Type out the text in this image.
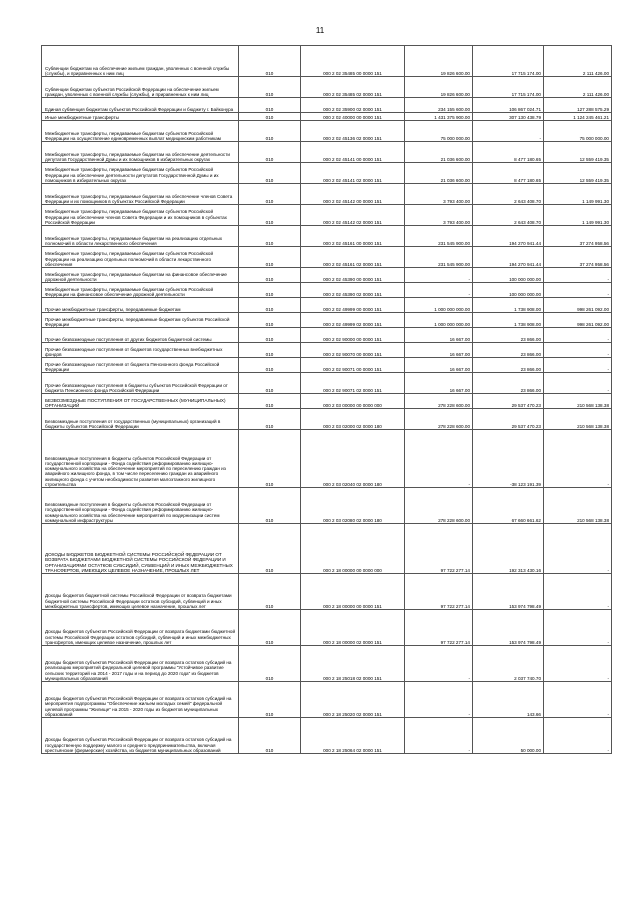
11
Субвенции бюджетам на обеспечение жильем граждан, уволенных с военной службы (службы), и приравненных к ним лиц	010	000 2 02 35485 00 0000 151	19 826 600.00	17 715 174.00	2 111 426.00
Субвенции бюджетам субъектов Российской Федерации на обеспечение жильем граждан, уволенных с военной службы (службы), и приравненных к ним лиц	010	000 2 02 35485 02 0000 151	19 826 600.00	17 715 174.00	2 111 426.00
Единая субвенция бюджетам субъектов Российской Федерации и бюджету г. Байконура	010	000 2 02 35900 02 0000 151	234 155 600.00	106 867 024.71	127 288 575.29
Иные межбюджетные трансферты	010	000 2 02 40000 00 0000 151	1 431 375 900.00	307 130 438.79	1 124 245 461.21
Межбюджетные трансферты, передаваемые бюджетам субъектов Российской Федерации на осуществление единовременных выплат медицинским работникам	010	000 2 02 45136 02 0000 151	75 000 000.00	-	75 000 000.00
Межбюджетные трансферты, передаваемые бюджетам на обеспечение деятельности депутатов Государственной Думы и их помощников в избирательных округах	010	000 2 02 45141 00 0000 151	21 036 600.00	8 477 180.65	12 559 419.35
Межбюджетные трансферты, передаваемые бюджетам субъектов Российской Федерации на обеспечение деятельности депутатов Государственной Думы и их помощников в избирательных округах	010	000 2 02 45141 02 0000 151	21 036 600.00	8 477 180.65	12 559 419.35
Межбюджетные трансферты, передаваемые бюджетам на обеспечение членов Совета Федерации и их помощников в субъектах Российской Федерации	010	000 2 02 45142 00 0000 151	3 793 400.00	2 643 408.70	1 149 991.30
Межбюджетные трансферты, передаваемые бюджетам субъектов Российской Федерации на обеспечение членов Совета Федерации и их помощников в субъектах Российской Федерации	010	000 2 02 45142 02 0000 151	3 793 400.00	2 643 408.70	1 149 991.30
Межбюджетные трансферты, передаваемые бюджетам на реализацию отдельных полномочий в области лекарственного обеспечения	010	000 2 02 45161 00 0000 151	231 545 900.00	194 270 941.44	37 274 958.56
Межбюджетные трансферты, передаваемые бюджетам субъектов Российской Федерации на реализацию отдельных полномочий в области лекарственного обеспечения	010	000 2 02 45161 02 0000 151	231 545 900.00	194 270 941.44	37 274 958.56
Межбюджетные трансферты, передаваемые бюджетам на финансовое обеспечение дорожной деятельности	010	000 2 02 45390 00 0000 151	-	100 000 000.00	-
Межбюджетные трансферты, передаваемые бюджетам субъектов Российской Федерации на финансовое обеспечение дорожной деятельности	010	000 2 02 45390 02 0000 151	-	100 000 000.00	-
Прочие межбюджетные трансферты, передаваемые бюджетам	010	000 2 02 49999 00 0000 151	1 000 000 000.00	1 738 908.00	998 261 092.00
Прочие межбюджетные трансферты, передаваемые бюджетам субъектов Российской Федерации	010	000 2 02 49999 02 0000 151	1 000 000 000.00	1 738 908.00	998 261 092.00
Прочие безвозмездные поступления от других бюджетов бюджетной системы	010	000 2 02 90000 00 0000 151	16 667.00	23 866.00	-
Прочие безвозмездные поступления от бюджетов государственных внебюджетных фондов	010	000 2 02 90070 00 0000 151	16 667.00	23 866.00	-
Прочие безвозмездные поступления от бюджета Пенсионного фонда Российской Федерации	010	000 2 02 90071 00 0000 151	16 667.00	23 866.00	-
Прочие безвозмездные поступления в бюджеты субъектов Российской Федерации от бюджета Пенсионного фонда Российской Федерации	010	000 2 02 90071 02 0000 151	16 667.00	23 866.00	-
БЕЗВОЗМЕЗДНЫЕ ПОСТУПЛЕНИЯ ОТ ГОСУДАРСТВЕННЫХ (МУНИЦИПАЛЬНЫХ) ОРГАНИЗАЦИЙ	010	000 2 03 00000 00 0000 000	278 228 600.00	29 537 470.23	210 568 138.38
Безвозмездные поступления от государственных (муниципальных) организаций в бюджеты субъектов Российской Федерации	010	000 2 03 02000 02 0000 180	278 228 600.00	29 537 470.23	210 568 138.38
Безвозмездные поступления в бюджеты субъектов Российской Федерации от государственной корпорации - Фонда содействия реформированию жилищно-коммунального хозяйства на обеспечение мероприятий по переселению граждан из аварийного жилищного фонда, в том числе переселению граждан из аварийного жилищного фонда с учетом необходимости развития малоэтажного жилищного строительства	010	000 2 03 02040 02 0000 180	-	-38 123 191.39	-
Безвозмездные поступления в бюджеты субъектов Российской Федерации от государственной корпорации - Фонда содействия реформированию жилищно-коммунального хозяйства на обеспечение мероприятий по модернизации систем коммунальной инфраструктуры	010	000 2 03 02080 02 0000 180	278 228 600.00	67 660 661.62	210 568 138.38
ДОХОДЫ БЮДЖЕТОВ БЮДЖЕТНОЙ СИСТЕМЫ РОССИЙСКОЙ ФЕДЕРАЦИИ ОТ ВОЗВРАТА БЮДЖЕТАМИ БЮДЖЕТНОЙ СИСТЕМЫ РОССИЙСКОЙ ФЕДЕРАЦИИ И ОРГАНИЗАЦИЯМИ ОСТАТКОВ СУБСИДИЙ, СУБВЕНЦИЙ И ИНЫХ МЕЖБЮДЖЕТНЫХ ТРАНСФЕРТОВ, ИМЕЮЩИХ ЦЕЛЕВОЕ НАЗНАЧЕНИЕ, ПРОШЛЫХ ЛЕТ	010	000 2 18 00000 00 0000 000	97 722 277.14	192 313 430.16	-
Доходы бюджетов бюджетной системы Российской Федерации от возврата бюджетами бюджетной системы Российской Федерации остатков субсидий, субвенций и иных межбюджетных трансфертов, имеющих целевое назначение, прошлых лет	010	000 2 18 00000 00 0000 151	97 722 277.14	153 974 798.49	-
Доходы бюджетов субъектов Российской Федерации от возврата бюджетами бюджетной системы Российской Федерации остатков субсидий, субвенций и иных межбюджетных трансфертов, имеющих целевое назначение, прошлых лет	010	000 2 18 00000 02 0000 151	97 722 277.14	153 974 798.49	-
Доходы бюджетов субъектов Российской Федерации от возврата остатков субсидий на реализацию мероприятий федеральной целевой программы "Устойчивое развитие сельских территорий на 2014 - 2017 годы и на период до 2020 года" из бюджетов муниципальных образований	010	000 2 18 25018 02 0000 151	-	2 037 740.70	-
Доходы бюджетов субъектов Российской Федерации от возврата остатков субсидий на мероприятия подпрограммы "Обеспечение жильем молодых семей" федеральной целевой программы "Жилище" на 2015 - 2020 годы из бюджетов муниципальных образований	010	000 2 18 25020 02 0000 151	-	143.66	-
Доходы бюджетов субъектов Российской Федерации от возврата остатков субсидий на государственную поддержку малого и среднего предпринимательства, включая крестьянские (фермерские) хозяйства, из бюджетов муниципальных образований	010	000 2 18 25064 02 0000 151	-	50 000.00	-
